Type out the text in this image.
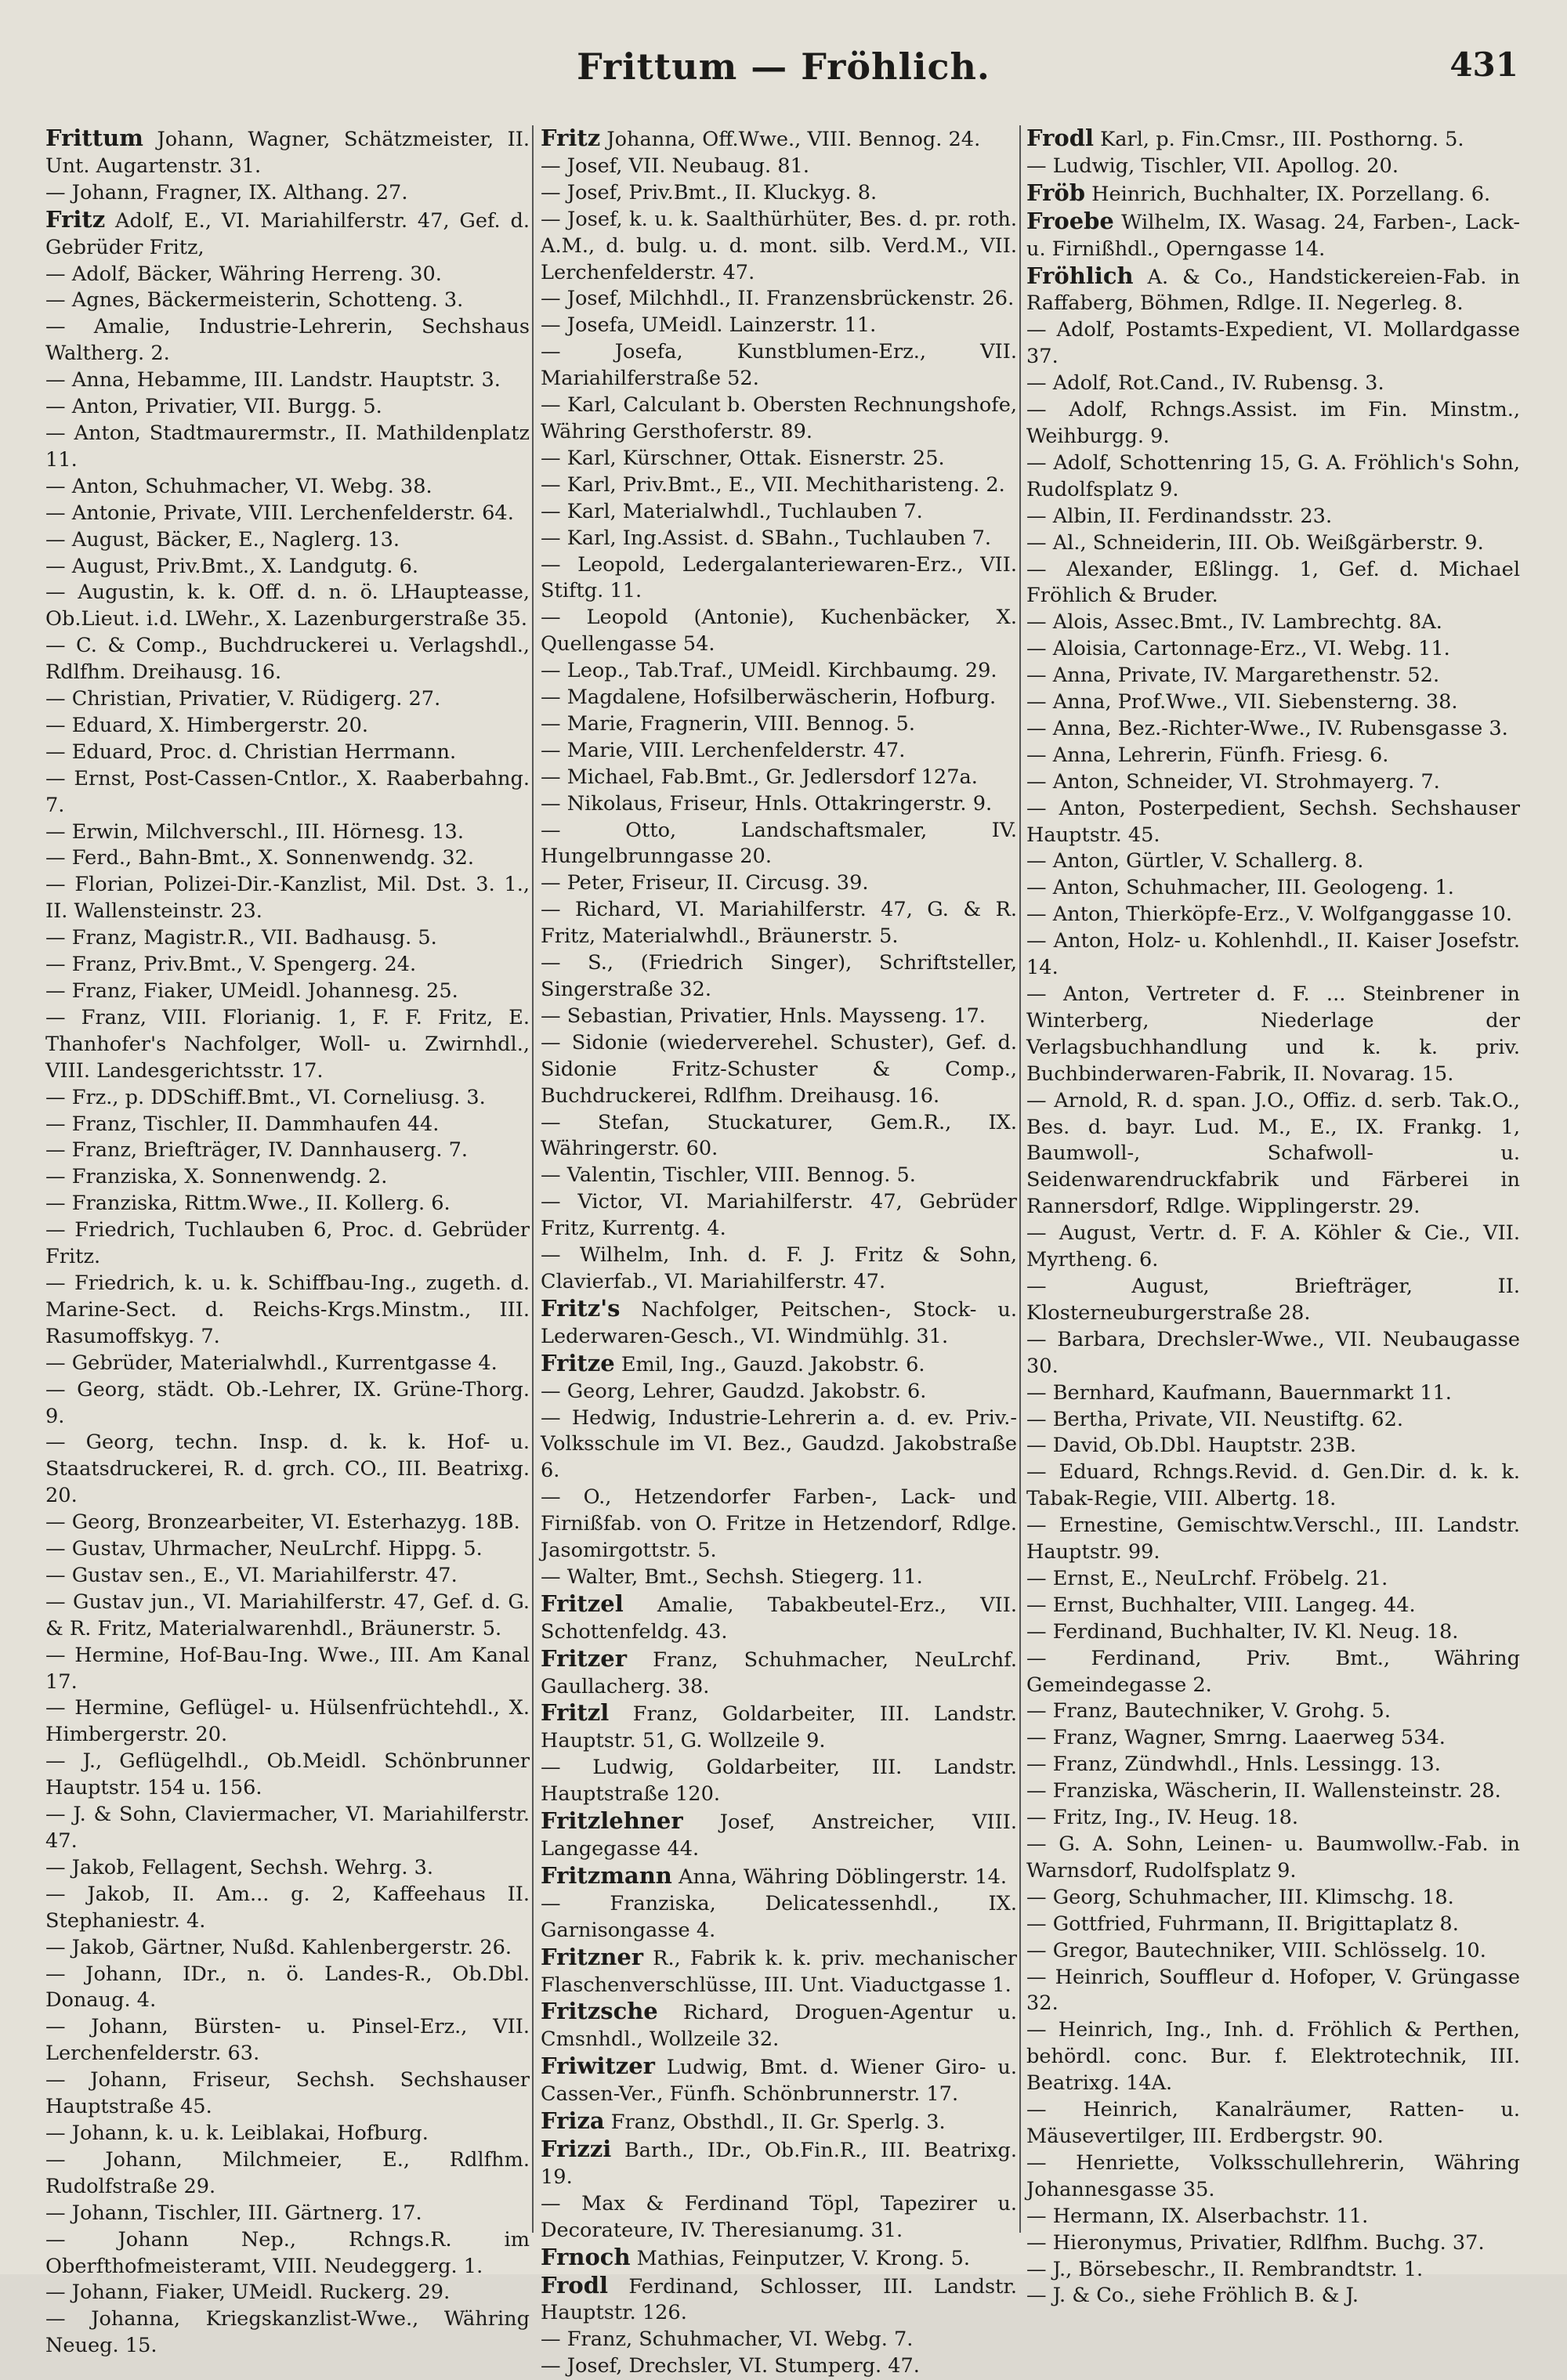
Frittum — Fröhlich.	431

Frittum Johann, Wagner, Schätzmeister, II. Unt. Augartenstr. 31.

— Johann, Fragner, IX. Althang. 27.

Fritz Adolf, E., VI. Mariahilferstr. 47, Gef. d. Gebrüder Fritz,

— Adolf, Bäcker, Währing Herreng. 30.

— Agnes, Bäckermeisterin, Schotteng. 3.

— Amalie, Industrie-Lehrerin, Sechshaus Waltherg. 2.

— Anna, Hebamme, III. Landstr. Hauptstr. 3.

— Anton, Privatier, VII. Burgg. 5.

— Anton, Stadtmaurermstr., II. Mathildenplatz 11.

— Anton, Schuhmacher, VI. Webg. 38.

— Antonie, Private, VIII. Lerchenfelderstr. 64.

— August, Bäcker, E., Naglerg. 13.

— August, Priv.Bmt., X. Landgutg. 6.

— Augustin, k. k. Off. d. n. ö. LHaupteasse, Ob.Lieut. i.d. LWehr., X. Lazenburgerstraße 35.

— C. & Comp., Buchdruckerei u. Verlagshdl., Rdlfhm. Dreihausg. 16.

— Christian, Privatier, V. Rüdigerg. 27.

— Eduard, X. Himbergerstr. 20.

— Eduard, Proc. d. Christian Herrmann.

— Ernst, Post-Cassen-Cntlor., X. Raaberbahng. 7.

— Erwin, Milchverschl., III. Hörnesg. 13.

— Ferd., Bahn-Bmt., X. Sonnenwendg. 32.

— Florian, Polizei-Dir.-Kanzlist, Mil. Dst. 3. 1., II. Wallensteinstr. 23.

— Franz, Magistr.R., VII. Badhausg. 5.

— Franz, Priv.Bmt., V. Spengerg. 24.

— Franz, Fiaker, UMeidl. Johannesg. 25.

— Franz, VIII. Florianig. 1, F. F. Fritz, E. Thanhofer's Nachfolger, Woll- u. Zwirnhdl., VIII. Landesgerichtsstr. 17.

— Frz., p. DDSchiff.Bmt., VI. Corneliusg. 3.

— Franz, Tischler, II. Dammhaufen 44.

— Franz, Briefträger, IV. Dannhauserg. 7.

— Franziska, X. Sonnenwendg. 2.

— Franziska, Rittm.Wwe., II. Kollerg. 6.

— Friedrich, Tuchlauben 6, Proc. d. Gebrüder Fritz.

— Friedrich, k. u. k. Schiffbau-Ing., zugeth. d. Marine-Sect. d. Reichs-Krgs.Minstm., III. Rasumoffskyg. 7.

— Gebrüder, Materialwhdl., Kurrentgasse 4.

— Georg, städt. Ob.-Lehrer, IX. Grüne-Thorg. 9.

— Georg, techn. Insp. d. k. k. Hof- u. Staatsdruckerei, R. d. grch. CO., III. Beatrixg. 20.

— Georg, Bronzearbeiter, VI. Esterhazyg. 18B.

— Gustav, Uhrmacher, NeuLrchf. Hippg. 5.

— Gustav sen., E., VI. Mariahilferstr. 47.

— Gustav jun., VI. Mariahilferstr. 47, Gef. d. G. & R. Fritz, Materialwarenhdl., Bräunerstr. 5.

— Hermine, Hof-Bau-Ing. Wwe., III. Am Kanal 17.

— Hermine, Geflügel- u. Hülsenfrüchtehdl., X. Himbergerstr. 20.

— J., Geflügelhdl., Ob.Meidl. Schönbrunner Hauptstr. 154 u. 156.

— J. & Sohn, Claviermacher, VI. Mariahilferstr. 47.

— Jakob, Fellagent, Sechsh. Wehrg. 3.

— Jakob, II. Am... g. 2, Kaffeehaus II. Stephaniestr. 4.

— Jakob, Gärtner, Nußd. Kahlenbergerstr. 26.

— Johann, IDr., n. ö. Landes-R., Ob.Dbl. Donaug. 4.

— Johann, Bürsten- u. Pinsel-Erz., VII. Lerchenfelderstr. 63.

— Johann, Friseur, Sechsh. Sechshauser Hauptstraße 45.

— Johann, k. u. k. Leiblakai, Hofburg.

— Johann, Milchmeier, E., Rdlfhm. Rudolfstraße 29.

— Johann, Tischler, III. Gärtnerg. 17.

— Johann Nep., Rchngs.R. im Oberfthofmeisteramt, VIII. Neudeggerg. 1.

— Johann, Fiaker, UMeidl. Ruckerg. 29.

— Johanna, Kriegskanzlist-Wwe., Währing Neueg. 15.

Fritz Johanna, Off.Wwe., VIII. Bennog. 24.

— Josef, VII. Neubaug. 81.

— Josef, Priv.Bmt., II. Kluckyg. 8.

— Josef, k. u. k. Saalthürhüter, Bes. d. pr. roth. A.M., d. bulg. u. d. mont. silb. Verd.M., VII. Lerchenfelderstr. 47.

— Josef, Milchhdl., II. Franzensbrückenstr. 26.

— Josefa, UMeidl. Lainzerstr. 11.

— Josefa, Kunstblumen-Erz., VII. Mariahilferstraße 52.

— Karl, Calculant b. Obersten Rechnungshofe, Währing Gersthoferstr. 89.

— Karl, Kürschner, Ottak. Eisnerstr. 25.

— Karl, Priv.Bmt., E., VII. Mechitharisteng. 2.

— Karl, Materialwhdl., Tuchlauben 7.

— Karl, Ing.Assist. d. SBahn., Tuchlauben 7.

— Leopold, Ledergalanteriewaren-Erz., VII. Stiftg. 11.

— Leopold (Antonie), Kuchenbäcker, X. Quellengasse 54.

— Leop., Tab.Traf., UMeidl. Kirchbaumg. 29.

— Magdalene, Hofsilberwäscherin, Hofburg.

— Marie, Fragnerin, VIII. Bennog. 5.

— Marie, VIII. Lerchenfelderstr. 47.

— Michael, Fab.Bmt., Gr. Jedlersdorf 127a.

— Nikolaus, Friseur, Hnls. Ottakringerstr. 9.

— Otto, Landschaftsmaler, IV. Hungelbrunngasse 20.

— Peter, Friseur, II. Circusg. 39.

— Richard, VI. Mariahilferstr. 47, G. & R. Fritz, Materialwhdl., Bräunerstr. 5.

— S., (Friedrich Singer), Schriftsteller, Singerstraße 32.

— Sebastian, Privatier, Hnls. Maysseng. 17.

— Sidonie (wiederverehel. Schuster), Gef. d. Sidonie Fritz-Schuster & Comp., Buchdruckerei, Rdlfhm. Dreihausg. 16.

— Stefan, Stuckaturer, Gem.R., IX. Währingerstr. 60.

— Valentin, Tischler, VIII. Bennog. 5.

— Victor, VI. Mariahilferstr. 47, Gebrüder Fritz, Kurrentg. 4.

— Wilhelm, Inh. d. F. J. Fritz & Sohn, Clavierfab., VI. Mariahilferstr. 47.

Fritz's Nachfolger, Peitschen-, Stock- u. Lederwaren-Gesch., VI. Windmühlg. 31.

Fritze Emil, Ing., Gauzd. Jakobstr. 6.

— Georg, Lehrer, Gaudzd. Jakobstr. 6.

— Hedwig, Industrie-Lehrerin a. d. ev. Priv.-Volksschule im VI. Bez., Gaudzd. Jakobstraße 6.

— O., Hetzendorfer Farben-, Lack- und Firnißfab. von O. Fritze in Hetzendorf, Rdlge. Jasomirgottstr. 5.

— Walter, Bmt., Sechsh. Stiegerg. 11.

Fritzel Amalie, Tabakbeutel-Erz., VII. Schottenfeldg. 43.

Fritzer Franz, Schuhmacher, NeuLrchf. Gaullacherg. 38.

Fritzl Franz, Goldarbeiter, III. Landstr. Hauptstr. 51, G. Wollzeile 9.

— Ludwig, Goldarbeiter, III. Landstr. Hauptstraße 120.

Fritzlehner Josef, Anstreicher, VIII. Langegasse 44.

Fritzmann Anna, Währing Döblingerstr. 14.

— Franziska, Delicatessenhdl., IX. Garnisongasse 4.

Fritzner R., Fabrik k. k. priv. mechanischer Flaschenverschlüsse, III. Unt. Viaductgasse 1.

Fritzsche Richard, Droguen-Agentur u. Cmsnhdl., Wollzeile 32.

Friwitzer Ludwig, Bmt. d. Wiener Giro- u. Cassen-Ver., Fünfh. Schönbrunnerstr. 17.

Friza Franz, Obsthdl., II. Gr. Sperlg. 3.

Frizzi Barth., IDr., Ob.Fin.R., III. Beatrixg. 19.

— Max & Ferdinand Töpl, Tapezirer u. Decorateure, IV. Theresianumg. 31.

Frnoch Mathias, Feinputzer, V. Krong. 5.

Frodl Ferdinand, Schlosser, III. Landstr. Hauptstr. 126.

— Franz, Schuhmacher, VI. Webg. 7.

— Josef, Drechsler, VI. Stumperg. 47.

Frodl Karl, p. Fin.Cmsr., III. Posthorng. 5.

— Ludwig, Tischler, VII. Apollog. 20.

Fröb Heinrich, Buchhalter, IX. Porzellang. 6.

Froebe Wilhelm, IX. Wasag. 24, Farben-, Lack- u. Firnißhdl., Operngasse 14.

Fröhlich A. & Co., Handstickereien-Fab. in Raffaberg, Böhmen, Rdlge. II. Negerleg. 8.

— Adolf, Postamts-Expedient, VI. Mollardgasse 37.

— Adolf, Rot.Cand., IV. Rubensg. 3.

— Adolf, Rchngs.Assist. im Fin. Minstm., Weihburgg. 9.

— Adolf, Schottenring 15, G. A. Fröhlich's Sohn, Rudolfsplatz 9.

— Albin, II. Ferdinandsstr. 23.

— Al., Schneiderin, III. Ob. Weißgärberstr. 9.

— Alexander, Eßlingg. 1, Gef. d. Michael Fröhlich & Bruder.

— Alois, Assec.Bmt., IV. Lambrechtg. 8A.

— Aloisia, Cartonnage-Erz., VI. Webg. 11.

— Anna, Private, IV. Margarethenstr. 52.

— Anna, Prof.Wwe., VII. Siebensterng. 38.

— Anna, Bez.-Richter-Wwe., IV. Rubensgasse 3.

— Anna, Lehrerin, Fünfh. Friesg. 6.

— Anton, Schneider, VI. Strohmayerg. 7.

— Anton, Posterpedient, Sechsh. Sechshauser Hauptstr. 45.

— Anton, Gürtler, V. Schallerg. 8.

— Anton, Schuhmacher, III. Geologeng. 1.

— Anton, Thierköpfe-Erz., V. Wolfganggasse 10.

— Anton, Holz- u. Kohlenhdl., II. Kaiser Josefstr. 14.

— Anton, Vertreter d. F. ... Steinbrener in Winterberg, Niederlage der Verlagsbuchhandlung und k. k. priv. Buchbinderwaren-Fabrik, II. Novarag. 15.

— Arnold, R. d. span. J.O., Offiz. d. serb. Tak.O., Bes. d. bayr. Lud. M., E., IX. Frankg. 1, Baumwoll-, Schafwoll- u. Seidenwarendruckfabrik und Färberei in Rannersdorf, Rdlge. Wipplingerstr. 29.

— August, Vertr. d. F. A. Köhler & Cie., VII. Myrtheng. 6.

— August, Briefträger, II. Klosterneuburgerstraße 28.

— Barbara, Drechsler-Wwe., VII. Neubaugasse 30.

— Bernhard, Kaufmann, Bauernmarkt 11.

— Bertha, Private, VII. Neustiftg. 62.

— David, Ob.Dbl. Hauptstr. 23B.

— Eduard, Rchngs.Revid. d. Gen.Dir. d. k. k. Tabak-Regie, VIII. Albertg. 18.

— Ernestine, Gemischtw.Verschl., III. Landstr. Hauptstr. 99.

— Ernst, E., NeuLrchf. Fröbelg. 21.

— Ernst, Buchhalter, VIII. Langeg. 44.

— Ferdinand, Buchhalter, IV. Kl. Neug. 18.

— Ferdinand, Priv. Bmt., Währing Gemeindegasse 2.

— Franz, Bautechniker, V. Grohg. 5.

— Franz, Wagner, Smrng. Laaerweg 534.

— Franz, Zündwhdl., Hnls. Lessingg. 13.

— Franziska, Wäscherin, II. Wallensteinstr. 28.

— Fritz, Ing., IV. Heug. 18.

— G. A. Sohn, Leinen- u. Baumwollw.-Fab. in Warnsdorf, Rudolfsplatz 9.

— Georg, Schuhmacher, III. Klimschg. 18.

— Gottfried, Fuhrmann, II. Brigittaplatz 8.

— Gregor, Bautechniker, VIII. Schlösselg. 10.

— Heinrich, Souffleur d. Hofoper, V. Grüngasse 32.

— Heinrich, Ing., Inh. d. Fröhlich & Perthen, behördl. conc. Bur. f. Elektrotechnik, III. Beatrixg. 14A.

— Heinrich, Kanalräumer, Ratten- u. Mäusevertilger, III. Erdbergstr. 90.

— Henriette, Volksschullehrerin, Währing Johannesgasse 35.

— Hermann, IX. Alserbachstr. 11.

— Hieronymus, Privatier, Rdlfhm. Buchg. 37.

— J., Börsebeschr., II. Rembrandtstr. 1.

— J. & Co., siehe Fröhlich B. & J.
